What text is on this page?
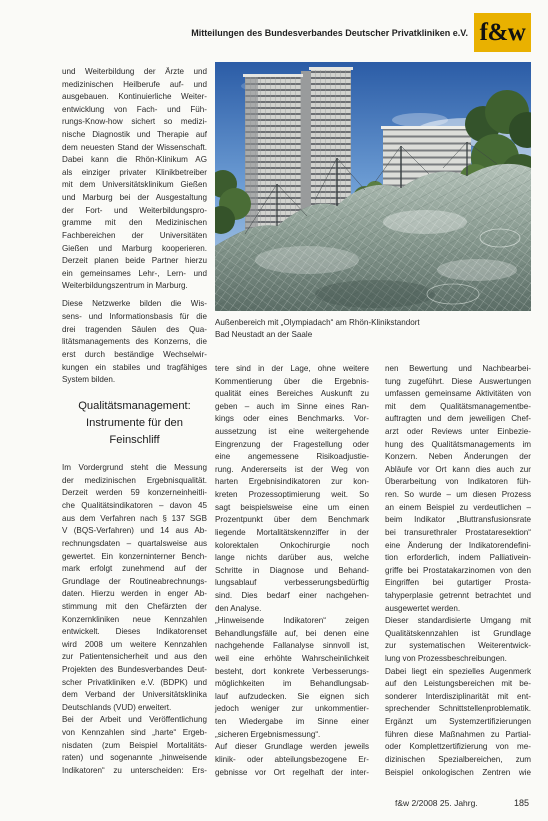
Mitteilungen des Bundesverbandes Deutscher Privatkliniken e.V. f&w
Außenbereich mit „Olympiadach“ am Rhön-Klinikstandort
Bad Neustadt an der Saale
und Weiterbildung der Ärzte und
medizinischen Heilberufe auf- und
ausgebauen. Kontinuierliche Weiter-
entwicklung von Fach- und Füh-
rungs-Know-how sichert so medizi-
nische Diagnostik und Therapie auf
dem neuesten Stand der Wissenschaft.
Dabei kann die Rhön-Klinikum AG
als einziger privater Klinikbetreiber
mit dem Universitätsklinikum Gießen
und Marburg bei der Ausgestaltung
der Fort- und Weiterbildungspro-
gramme mit den Medizinischen
Fachbereichen der Universitäten
Gießen und Marburg kooperieren.
Derzeit planen beide Partner hierzu
ein gemeinsames Lehr-, Lern- und
Weiterbildungszentrum in Marburg.
Diese Netzwerke bilden die Wis-
sens- und Informationsbasis für die
drei tragenden Säulen des Qua-
litätsmanagements des Konzerns, die
erst durch beständige Wechselwir-
kungen ein stabiles und tragfähiges
System bilden.
Qualitätsmanagement:
Instrumente für den
Feinschliff
Im Vordergrund steht die Messung
der medizinischen Ergebnisqualität.
Derzeit werden 59 konzerneinheitli-
che Qualitätsindikatoren – davon 45
aus dem Verfahren nach § 137 SGB
V (BQS-Verfahren) und 14 aus Ab-
rechnungsdaten – quartalsweise aus
gewertet. Ein konzerninterner Bench-
mark erfolgt zunehmend auf der
Grundlage der Routineabrechnungs-
daten. Hierzu werden in enger Ab-
stimmung mit den Chefärzten der
Konzernkliniken neue Kennzahlen
entwickelt. Dieses Indikatorenset
wird 2008 um weitere Kennzahlen
zur Patientensicherheit und aus den
Projekten des Bundesverbandes Deut-
scher Privatkliniken e.V. (BDPK) und
dem Verband der Universitätsklinika
Deutschlands (VUD) erweitert.
Bei der Arbeit und Veröffentlichung
von Kennzahlen sind „harte“ Ergeb-
nisdaten (zum Beispiel Mortalitäts-
raten) und sogenannte „hinweisende
Indikatoren“ zu unterscheiden: Ers-
tere sind in der Lage, ohne weitere
Kommentierung über die Ergebnis-
qualität eines Bereiches Auskunft zu
geben – auch im Sinne eines Ran-
kings oder eines Benchmarks. Vor-
aussetzung ist eine weitergehende
Eingrenzung der Fragestellung oder
eine angemessene Risikoadjustie-
rung. Andererseits ist der Weg von
harten Ergebnisindikatoren zur kon-
kreten Prozessoptimierung weit. So
sagt beispielsweise eine um einen
Prozentpunkt über dem Benchmark
liegende Mortalitätskennziffer in der
kolorektalen Onkochirurgie noch
lange nichts darüber aus, welche
Schritte in Diagnose und Behand-
lungsablauf verbesserungsbedürftig
sind. Dies bedarf einer nachgehen-
den Analyse.
„Hinweisende Indikatoren“ zeigen
Behandlungsfälle auf, bei denen eine
nachgehende Fallanalyse sinnvoll ist,
weil eine erhöhte Wahrscheinlichkeit
besteht, dort konkrete Verbesserungs-
möglichkeiten im Behandlungsab-
lauf aufzudecken. Sie eignen sich
jedoch weniger zur unkommentier-
ten Wiedergabe im Sinne einer
„sicheren Ergebnismessung“.
Auf dieser Grundlage werden jeweils
klinik- oder abteilungsbezogene Er-
gebnisse vor Ort regelhaft der inter-
nen Bewertung und Nachbearbei-
tung zugeführt. Diese Auswertungen
umfassen gemeinsame Aktivitäten von
mit dem Qualitätsmanagementbe-
auftragten und dem jeweiligen Chef-
arzt oder Reviews unter Einbezie-
hung des Qualitätsmanagements im
Konzern. Neben Änderungen der
Abläufe vor Ort kann dies auch zur
Überarbeitung von Indikatoren füh-
ren. So wurde – um diesen Prozess
an einem Beispiel zu verdeutlichen –
beim Indikator „Bluttransfusionsrate
bei transurethraler Prostataresektion“
eine Änderung der Indikatorendefini-
tion erforderlich, indem Palliativein-
griffe bei Prostatakarzinomen von den
Eingriffen bei gutartiger Prosta-
tahyperplasie getrennt betrachtet und
ausgewertet werden.
Dieser standardisierte Umgang mit
Qualitätskennzahlen ist Grundlage
zur systematischen Weiterentwick-
lung von Prozessbeschreibungen.
Dabei liegt ein spezielles Augenmerk
auf den Leistungsbereichen mit be-
sonderer Interdisziplinarität mit ent-
sprechender Schnittstellenproblematik.
Ergänzt um Systemzertifizierungen
führen diese Maßnahmen zu Partial-
oder Komplettzertifizierung von me-
dizinischen Spezialbereichen, zum
Beispiel onkologischen Zentren wie
f&w 2/2008 25. Jahrg.	185
